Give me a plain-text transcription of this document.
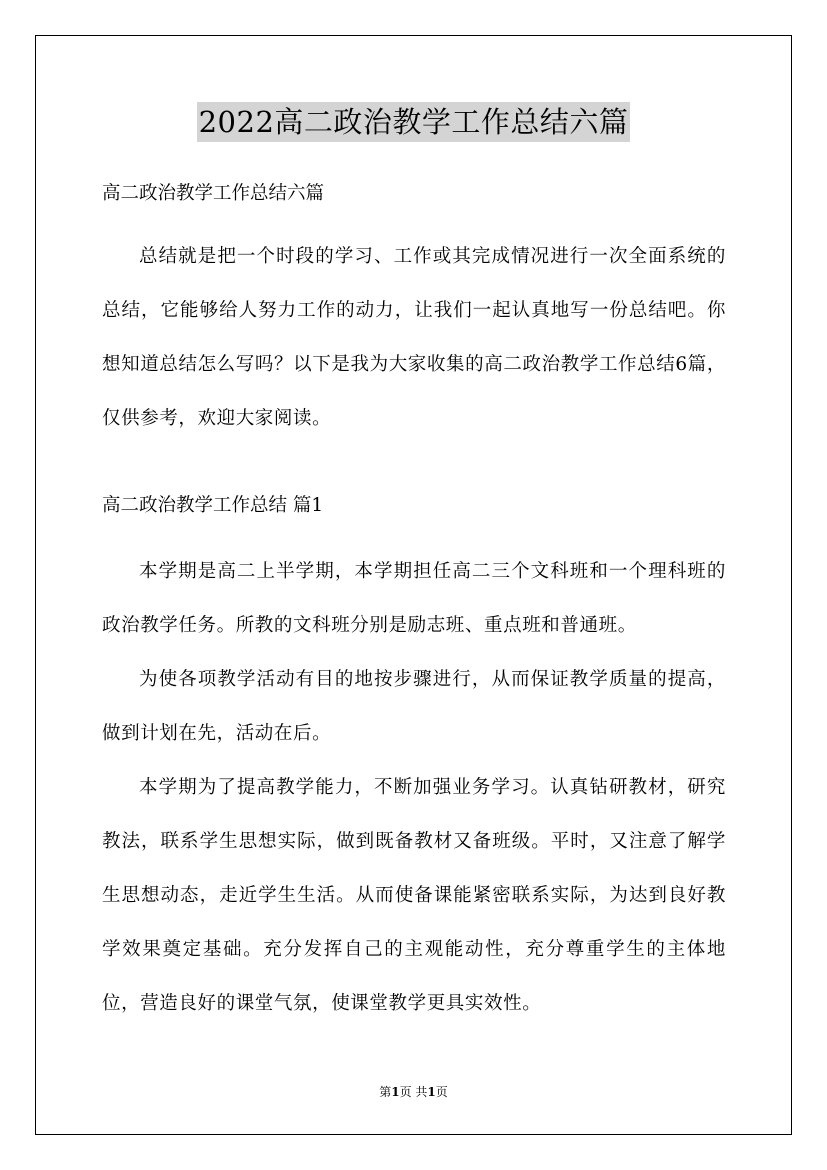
2022高二政治教学工作总结六篇

高二政治教学工作总结六篇

总结就是把一个时段的学习、工作或其完成情况进行一次全面系统的总结，它能够给人努力工作的动力，让我们一起认真地写一份总结吧。你想知道总结怎么写吗？以下是我为大家收集的高二政治教学工作总结6篇，仅供参考，欢迎大家阅读。

高二政治教学工作总结 篇1

本学期是高二上半学期，本学期担任高二三个文科班和一个理科班的政治教学任务。所教的文科班分别是励志班、重点班和普通班。

为使各项教学活动有目的地按步骤进行，从而保证教学质量的提高，做到计划在先，活动在后。

本学期为了提高教学能力，不断加强业务学习。认真钻研教材，研究教法，联系学生思想实际，做到既备教材又备班级。平时，又注意了解学生思想动态，走近学生生活。从而使备课能紧密联系实际，为达到良好教学效果奠定基础。充分发挥自己的主观能动性，充分尊重学生的主体地位，营造良好的课堂气氛，使课堂教学更具实效性。

第1页 共1页
